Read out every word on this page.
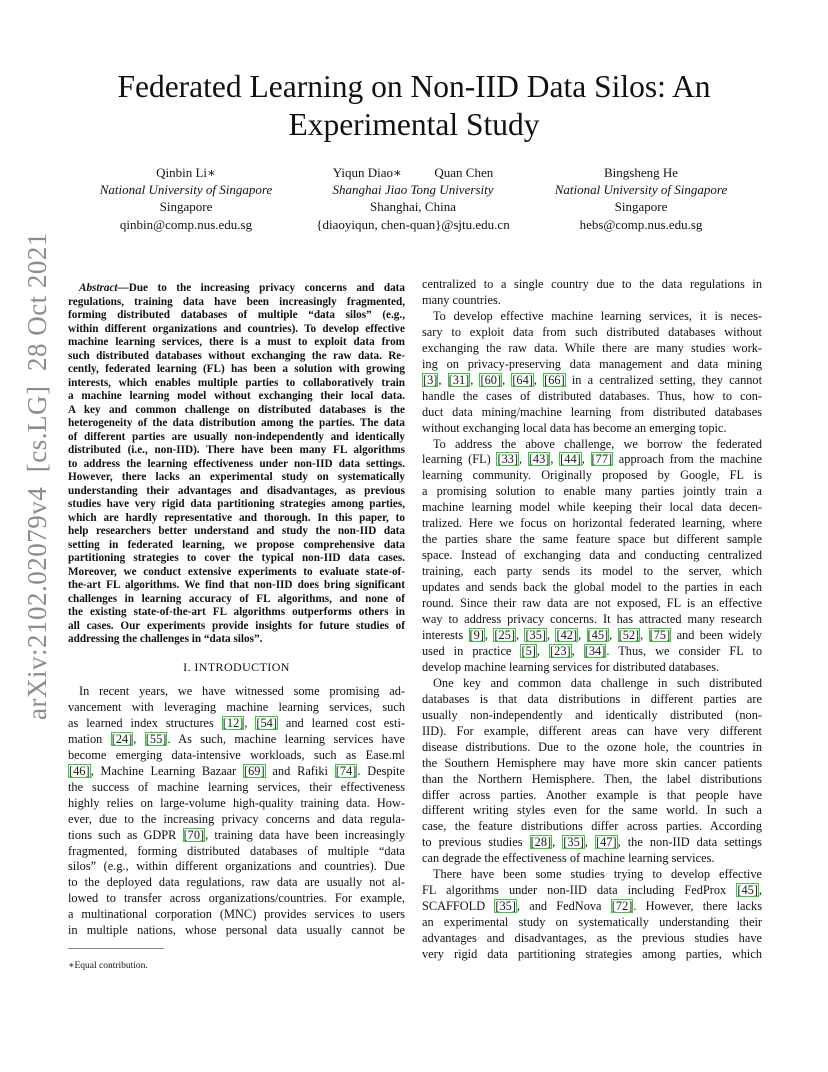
Federated Learning on Non-IID Data Silos: An
Experimental Study
Qinbin Li∗
National University of Singapore
Singapore
qinbin@comp.nus.edu.sg
Yiqun Diao∗          Quan Chen
Shanghai Jiao Tong University
Shanghai, China
{diaoyiqun, chen-quan}@sjtu.edu.cn
Bingsheng He
National University of Singapore
Singapore
hebs@comp.nus.edu.sg
arXiv:2102.02079v4  [cs.LG]  28 Oct 2021	Abstract—Due to the increasing privacy concerns and data
regulations, training data have been increasingly fragmented,
forming distributed databases of multiple “data silos” (e.g.,
within different organizations and countries). To develop effective
machine learning services, there is a must to exploit data from
such distributed databases without exchanging the raw data. Re-
cently, federated learning (FL) has been a solution with growing
interests, which enables multiple parties to collaboratively train
a machine learning model without exchanging their local data.
A key and common challenge on distributed databases is the
heterogeneity of the data distribution among the parties. The data
of different parties are usually non-independently and identically
distributed (i.e., non-IID). There have been many FL algorithms
to address the learning effectiveness under non-IID data settings.
However, there lacks an experimental study on systematically
understanding their advantages and disadvantages, as previous
studies have very rigid data partitioning strategies among parties,
which are hardly representative and thorough. In this paper, to
help researchers better understand and study the non-IID data
setting in federated learning, we propose comprehensive data
partitioning strategies to cover the typical non-IID data cases.
Moreover, we conduct extensive experiments to evaluate state-of-
the-art FL algorithms. We find that non-IID does bring significant
challenges in learning accuracy of FL algorithms, and none of
the existing state-of-the-art FL algorithms outperforms others in
all cases. Our experiments provide insights for future studies of
addressing the challenges in “data silos”.
I. INTRODUCTION
In recent years, we have witnessed some promising ad-
vancement with leveraging machine learning services, such
as learned index structures [12], [54] and learned cost esti-
mation [24], [55]. As such, machine learning services have
become emerging data-intensive workloads, such as Ease.ml
[46], Machine Learning Bazaar [69] and Rafiki [74]. Despite
the success of machine learning services, their effectiveness
highly relies on large-volume high-quality training data. How-
ever, due to the increasing privacy concerns and data regula-
tions such as GDPR [70], training data have been increasingly
fragmented, forming distributed databases of multiple “data
silos” (e.g., within different organizations and countries). Due
to the deployed data regulations, raw data are usually not al-
lowed to transfer across organizations/countries. For example,
a multinational corporation (MNC) provides services to users
in multiple nations, whose personal data usually cannot be
∗Equal contribution.
centralized to a single country due to the data regulations in
many countries.
To develop effective machine learning services, it is neces-
sary to exploit data from such distributed databases without
exchanging the raw data. While there are many studies work-
ing on privacy-preserving data management and data mining
[3], [31], [60], [64], [66] in a centralized setting, they cannot
handle the cases of distributed databases. Thus, how to con-
duct data mining/machine learning from distributed databases
without exchanging local data has become an emerging topic.
To address the above challenge, we borrow the federated
learning (FL) [33], [43], [44], [77] approach from the machine
learning community. Originally proposed by Google, FL is
a promising solution to enable many parties jointly train a
machine learning model while keeping their local data decen-
tralized. Here we focus on horizontal federated learning, where
the parties share the same feature space but different sample
space. Instead of exchanging data and conducting centralized
training, each party sends its model to the server, which
updates and sends back the global model to the parties in each
round. Since their raw data are not exposed, FL is an effective
way to address privacy concerns. It has attracted many research
interests [9], [25], [35], [42], [45], [52], [75] and been widely
used in practice [5], [23], [34]. Thus, we consider FL to
develop machine learning services for distributed databases.
One key and common data challenge in such distributed
databases is that data distributions in different parties are
usually non-independently and identically distributed (non-
IID). For example, different areas can have very different
disease distributions. Due to the ozone hole, the countries in
the Southern Hemisphere may have more skin cancer patients
than the Northern Hemisphere. Then, the label distributions
differ across parties. Another example is that people have
different writing styles even for the same world. In such a
case, the feature distributions differ across parties. According
to previous studies [28], [35], [47], the non-IID data settings
can degrade the effectiveness of machine learning services.
There have been some studies trying to develop effective
FL algorithms under non-IID data including FedProx [45],
SCAFFOLD [35], and FedNova [72]. However, there lacks
an experimental study on systematically understanding their
advantages and disadvantages, as the previous studies have
very rigid data partitioning strategies among parties, which
